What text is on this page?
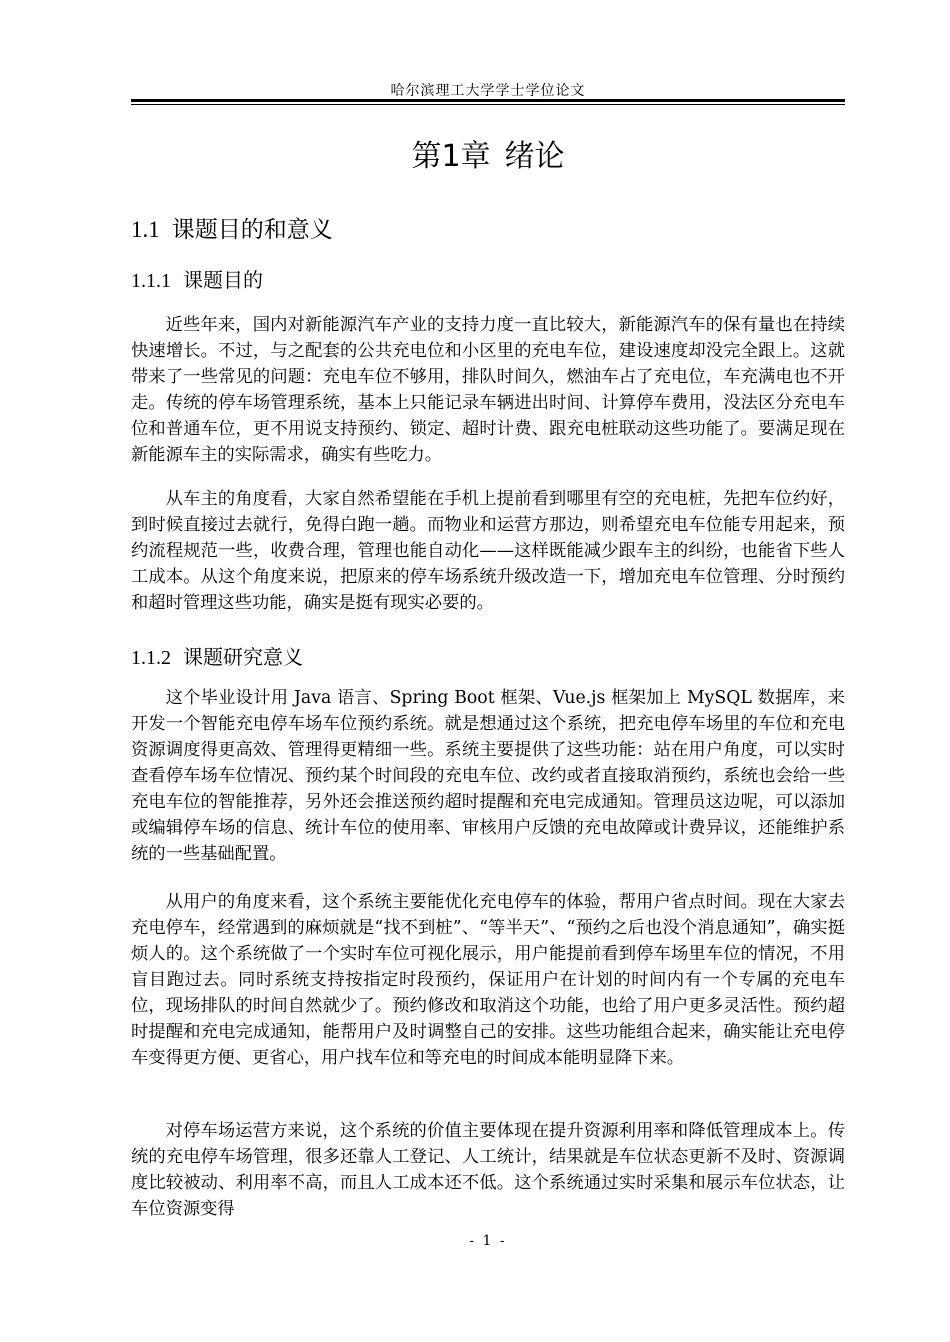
哈尔滨理工大学学士学位论文
第1章 绪论
1.1 课题目的和意义
1.1.1 课题目的

近些年来，国内对新能源汽车产业的支持力度一直比较大，新能源汽车的保有量也在持续快速增长。不过，与之配套的公共充电位和小区里的充电车位，建设速度却没完全跟上。这就带来了一些常见的问题：充电车位不够用，排队时间久，燃油车占了充电位，车充满电也不开走。传统的停车场管理系统，基本上只能记录车辆进出时间、计算停车费用，没法区分充电车位和普通车位，更不用说支持预约、锁定、超时计费、跟充电桩联动这些功能了。要满足现在新能源车主的实际需求，确实有些吃力。

从车主的角度看，大家自然希望能在手机上提前看到哪里有空的充电桩，先把车位约好，到时候直接过去就行，免得白跑一趟。而物业和运营方那边，则希望充电车位能专用起来，预约流程规范一些，收费合理，管理也能自动化——这样既能减少跟车主的纠纷，也能省下些人工成本。从这个角度来说，把原来的停车场系统升级改造一下，增加充电车位管理、分时预约和超时管理这些功能，确实是挺有现实必要的。

1.1.2 课题研究意义

这个毕业设计用 Java 语言、Spring Boot 框架、Vue.js 框架加上 MySQL 数据库，来开发一个智能充电停车场车位预约系统。就是想通过这个系统，把充电停车场里的车位和充电资源调度得更高效、管理得更精细一些。系统主要提供了这些功能：站在用户角度，可以实时查看停车场车位情况、预约某个时间段的充电车位、改约或者直接取消预约，系统也会给一些充电车位的智能推荐，另外还会推送预约超时提醒和充电完成通知。管理员这边呢，可以添加或编辑停车场的信息、统计车位的使用率、审核用户反馈的充电故障或计费异议，还能维护系统的一些基础配置。

从用户的角度来看，这个系统主要能优化充电停车的体验，帮用户省点时间。现在大家去充电停车，经常遇到的麻烦就是“找不到桩”、“等半天”、“预约之后也没个消息通知”，确实挺烦人的。这个系统做了一个实时车位可视化展示，用户能提前看到停车场里车位的情况，不用盲目跑过去。同时系统支持按指定时段预约，保证用户在计划的时间内有一个专属的充电车位，现场排队的时间自然就少了。预约修改和取消这个功能，也给了用户更多灵活性。预约超时提醒和充电完成通知，能帮用户及时调整自己的安排。这些功能组合起来，确实能让充电停车变得更方便、更省心，用户找车位和等充电的时间成本能明显降下来。

对停车场运营方来说，这个系统的价值主要体现在提升资源利用率和降低管理成本上。传统的充电停车场管理，很多还靠人工登记、人工统计，结果就是车位状态更新不及时、资源调度比较被动、利用率不高，而且人工成本还不低。这个系统通过实时采集和展示车位状态，让车位资源变得

- 1 -
